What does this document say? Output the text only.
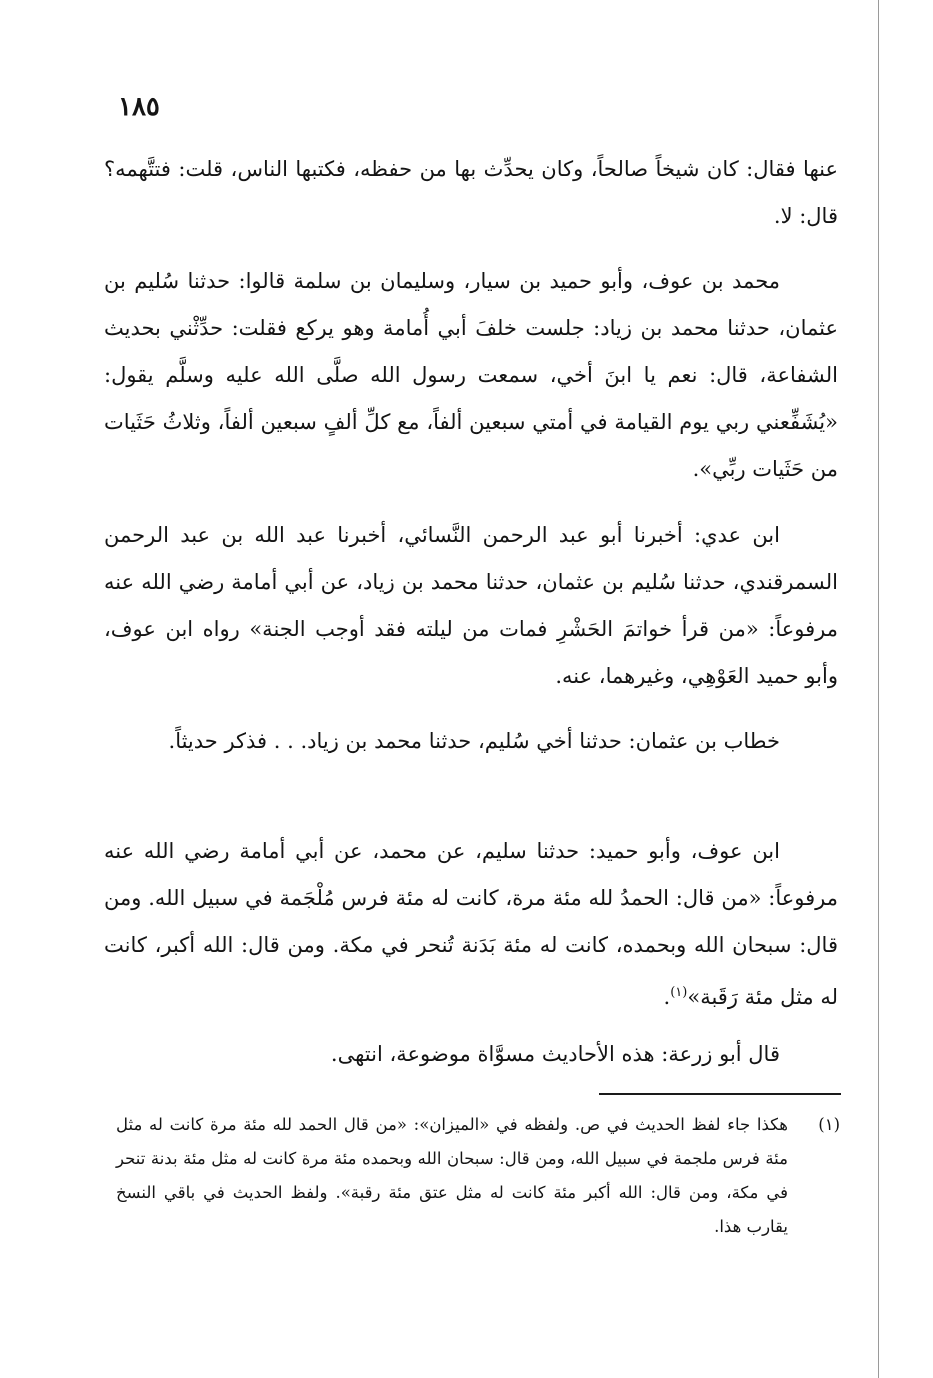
١٨٥

عنها فقال: كان شيخاً صالحاً، وكان يحدِّث بها من حفظه، فكتبها الناس، قلت: فتتَّهمه؟ قال: لا.

محمد بن عوف، وأبو حميد بن سيار، وسليمان بن سلمة قالوا: حدثنا سُليم بن عثمان، حدثنا محمد بن زياد: جلست خلفَ أبي أُمامة وهو يركع فقلت: حدِّثْني بحديث الشفاعة، قال: نعم يا ابنَ أخي، سمعت رسول الله صلَّى الله عليه وسلَّم يقول: «يُشَفِّعني ربي يوم القيامة في أمتي سبعين ألفاً، مع كلِّ ألفٍ سبعين ألفاً، وثلاثُ حَثَيات من حَثَيات ربِّي».

ابن عدي: أخبرنا أبو عبد الرحمن النَّسائي، أخبرنا عبد الله بن عبد الرحمن السمرقندي، حدثنا سُليم بن عثمان، حدثنا محمد بن زياد، عن أبي أمامة رضي الله عنه مرفوعاً: «من قرأ خواتمَ الحَشْرِ فمات من ليلته فقد أوجب الجنة» رواه ابن عوف، وأبو حميد العَوْهِي، وغيرهما، عنه.

خطاب بن عثمان: حدثنا أخي سُليم، حدثنا محمد بن زياد. . . فذكر حديثاً.

ابن عوف، وأبو حميد: حدثنا سليم، عن محمد، عن أبي أمامة رضي الله عنه مرفوعاً: «من قال: الحمدُ لله مئة مرة، كانت له مئة فرس مُلْجَمة في سبيل الله. ومن قال: سبحان الله وبحمده، كانت له مئة بَدَنة تُنحر في مكة. ومن قال: الله أكبر، كانت له مثل مئة رَقَبة»$^{(١)}$.

قال أبو زرعة: هذه الأحاديث مسوَّاة موضوعة، انتهى.

(١)
هكذا جاء لفظ الحديث في ص. ولفظه في «الميزان»: «من قال الحمد لله مئة مرة كانت له مثل مئة فرس ملجمة في سبيل الله، ومن قال: سبحان الله وبحمده مئة مرة كانت له مثل مئة بدنة تنحر في مكة، ومن قال: الله أكبر مئة كانت له مثل عتق مئة رقبة». ولفظ الحديث في باقي النسخ يقارب هذا.
